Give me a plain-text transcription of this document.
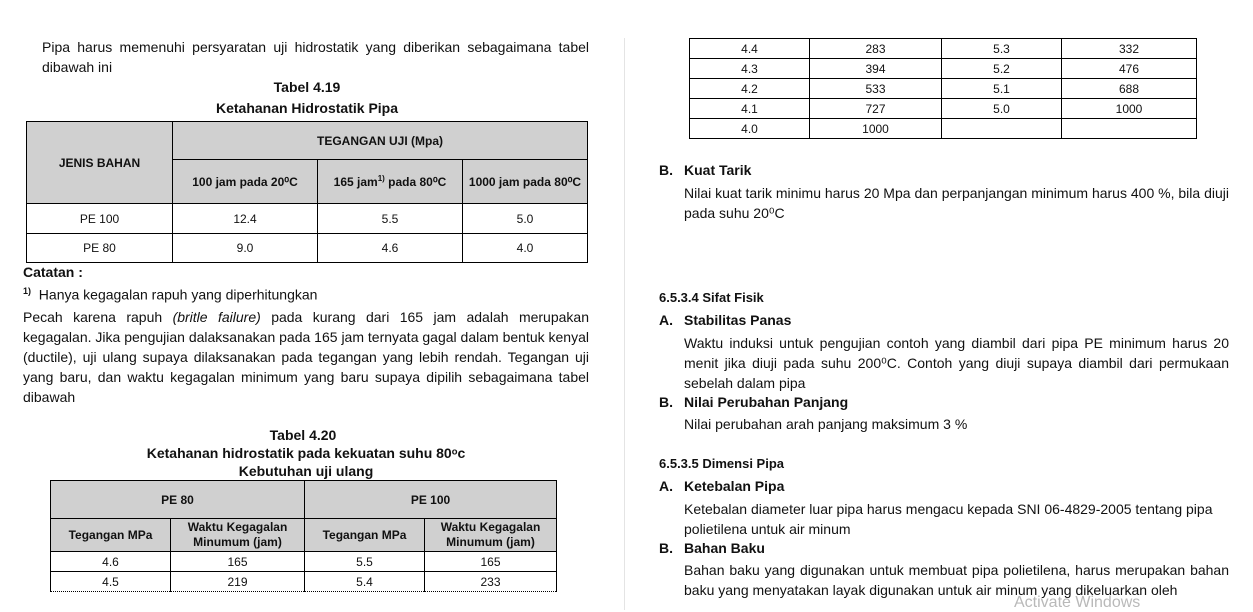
Pipa harus memenuhi persyaratan uji hidrostatik yang diberikan sebagaimana tabel dibawah ini
Tabel 4.19
Ketahanan Hidrostatik Pipa
JENIS BAHAN	TEGANGAN UJI (Mpa)		
	100 jam pada 20⁰C	165 jam$^{1)}$ pada 80⁰C	1000 jam pada 80⁰C
PE 100	12.4	5.5	5.0
PE 80	9.0	4.6	4.0
Catatan :
$^{1)}$ Hanya kegagalan rapuh yang diperhitungkan
Pecah karena rapuh (britle failure) pada kurang dari 165 jam adalah merupakan kegagalan. Jika pengujian dalaksanakan pada 165 jam ternyata gagal dalam bentuk kenyal (ductile), uji ulang supaya dilaksanakan pada tegangan yang lebih rendah. Tegangan uji yang baru, dan waktu kegagalan minimum yang baru supaya dipilih sebagaimana tabel dibawah
Tabel 4.20
Ketahanan hidrostatik pada kekuatan suhu 80ᵒc
Kebutuhan uji ulang
PE 80		PE 100	
Tegangan MPa	Waktu Kegagalan Minumum (jam)	Tegangan MPa	Waktu Kegagalan Minumum (jam)
4.6	165	5.5	165
4.5	219	5.4	233
4.4	283	5.3	332
4.3	394	5.2	476
4.2	533	5.1	688
4.1	727	5.0	1000
4.0	1000		
B. Kuat Tarik
Nilai kuat tarik minimu harus 20 Mpa dan perpanjangan minimum harus 400 %, bila diuji pada suhu 20⁰C
6.5.3.4 Sifat Fisik
A. Stabilitas Panas
Waktu induksi untuk pengujian contoh yang diambil dari pipa PE minimum harus 20 menit jika diuji pada suhu 200⁰C. Contoh yang diuji supaya diambil dari permukaan sebelah dalam pipa
B. Nilai Perubahan Panjang
Nilai perubahan arah panjang maksimum 3 %
6.5.3.5 Dimensi Pipa
A. Ketebalan Pipa
Ketebalan diameter luar pipa harus mengacu kepada SNI 06-4829-2005 tentang pipa polietilena untuk air minum
B. Bahan Baku
Bahan baku yang digunakan untuk membuat pipa polietilena, harus merupakan bahan baku yang menyatakan layak digunakan untuk air minum yang dikeluarkan oleh
Activate Windows
